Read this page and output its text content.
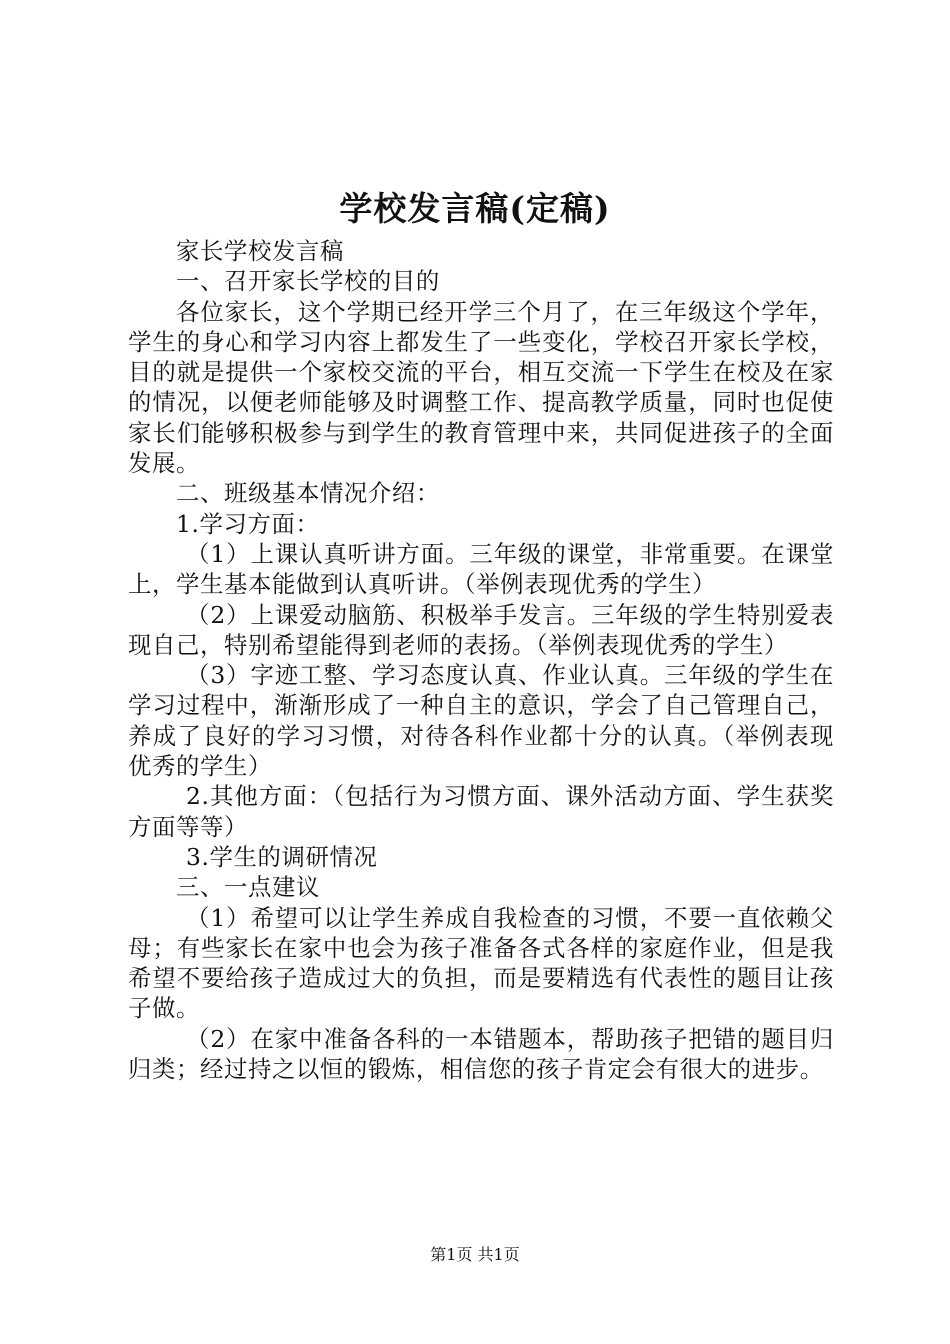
学校发言稿(定稿)

家长学校发言稿

一、召开家长学校的目的

各位家长，这个学期已经开学三个月了，在三年级这个学年，学生的身心和学习内容上都发生了一些变化，学校召开家长学校，目的就是提供一个家校交流的平台，相互交流一下学生在校及在家的情况，以便老师能够及时调整工作、提高教学质量，同时也促使家长们能够积极参与到学生的教育管理中来，共同促进孩子的全面发展。

二、班级基本情况介绍：

1.学习方面：

（1）上课认真听讲方面。三年级的课堂，非常重要。在课堂上，学生基本能做到认真听讲。（举例表现优秀的学生）

（2）上课爱动脑筋、积极举手发言。三年级的学生特别爱表现自己，特别希望能得到老师的表扬。（举例表现优秀的学生）

（3）字迹工整、学习态度认真、作业认真。三年级的学生在学习过程中，渐渐形成了一种自主的意识，学会了自己管理自己，养成了良好的学习习惯，对待各科作业都十分的认真。（举例表现优秀的学生）

2.其他方面：（包括行为习惯方面、课外活动方面、学生获奖方面等等）

3.学生的调研情况

三、一点建议

（1）希望可以让学生养成自我检查的习惯，不要一直依赖父母；有些家长在家中也会为孩子准备各式各样的家庭作业，但是我希望不要给孩子造成过大的负担，而是要精选有代表性的题目让孩子做。

（2）在家中准备各科的一本错题本，帮助孩子把错的题目归归类；经过持之以恒的锻炼，相信您的孩子肯定会有很大的进步。

第1页 共1页
